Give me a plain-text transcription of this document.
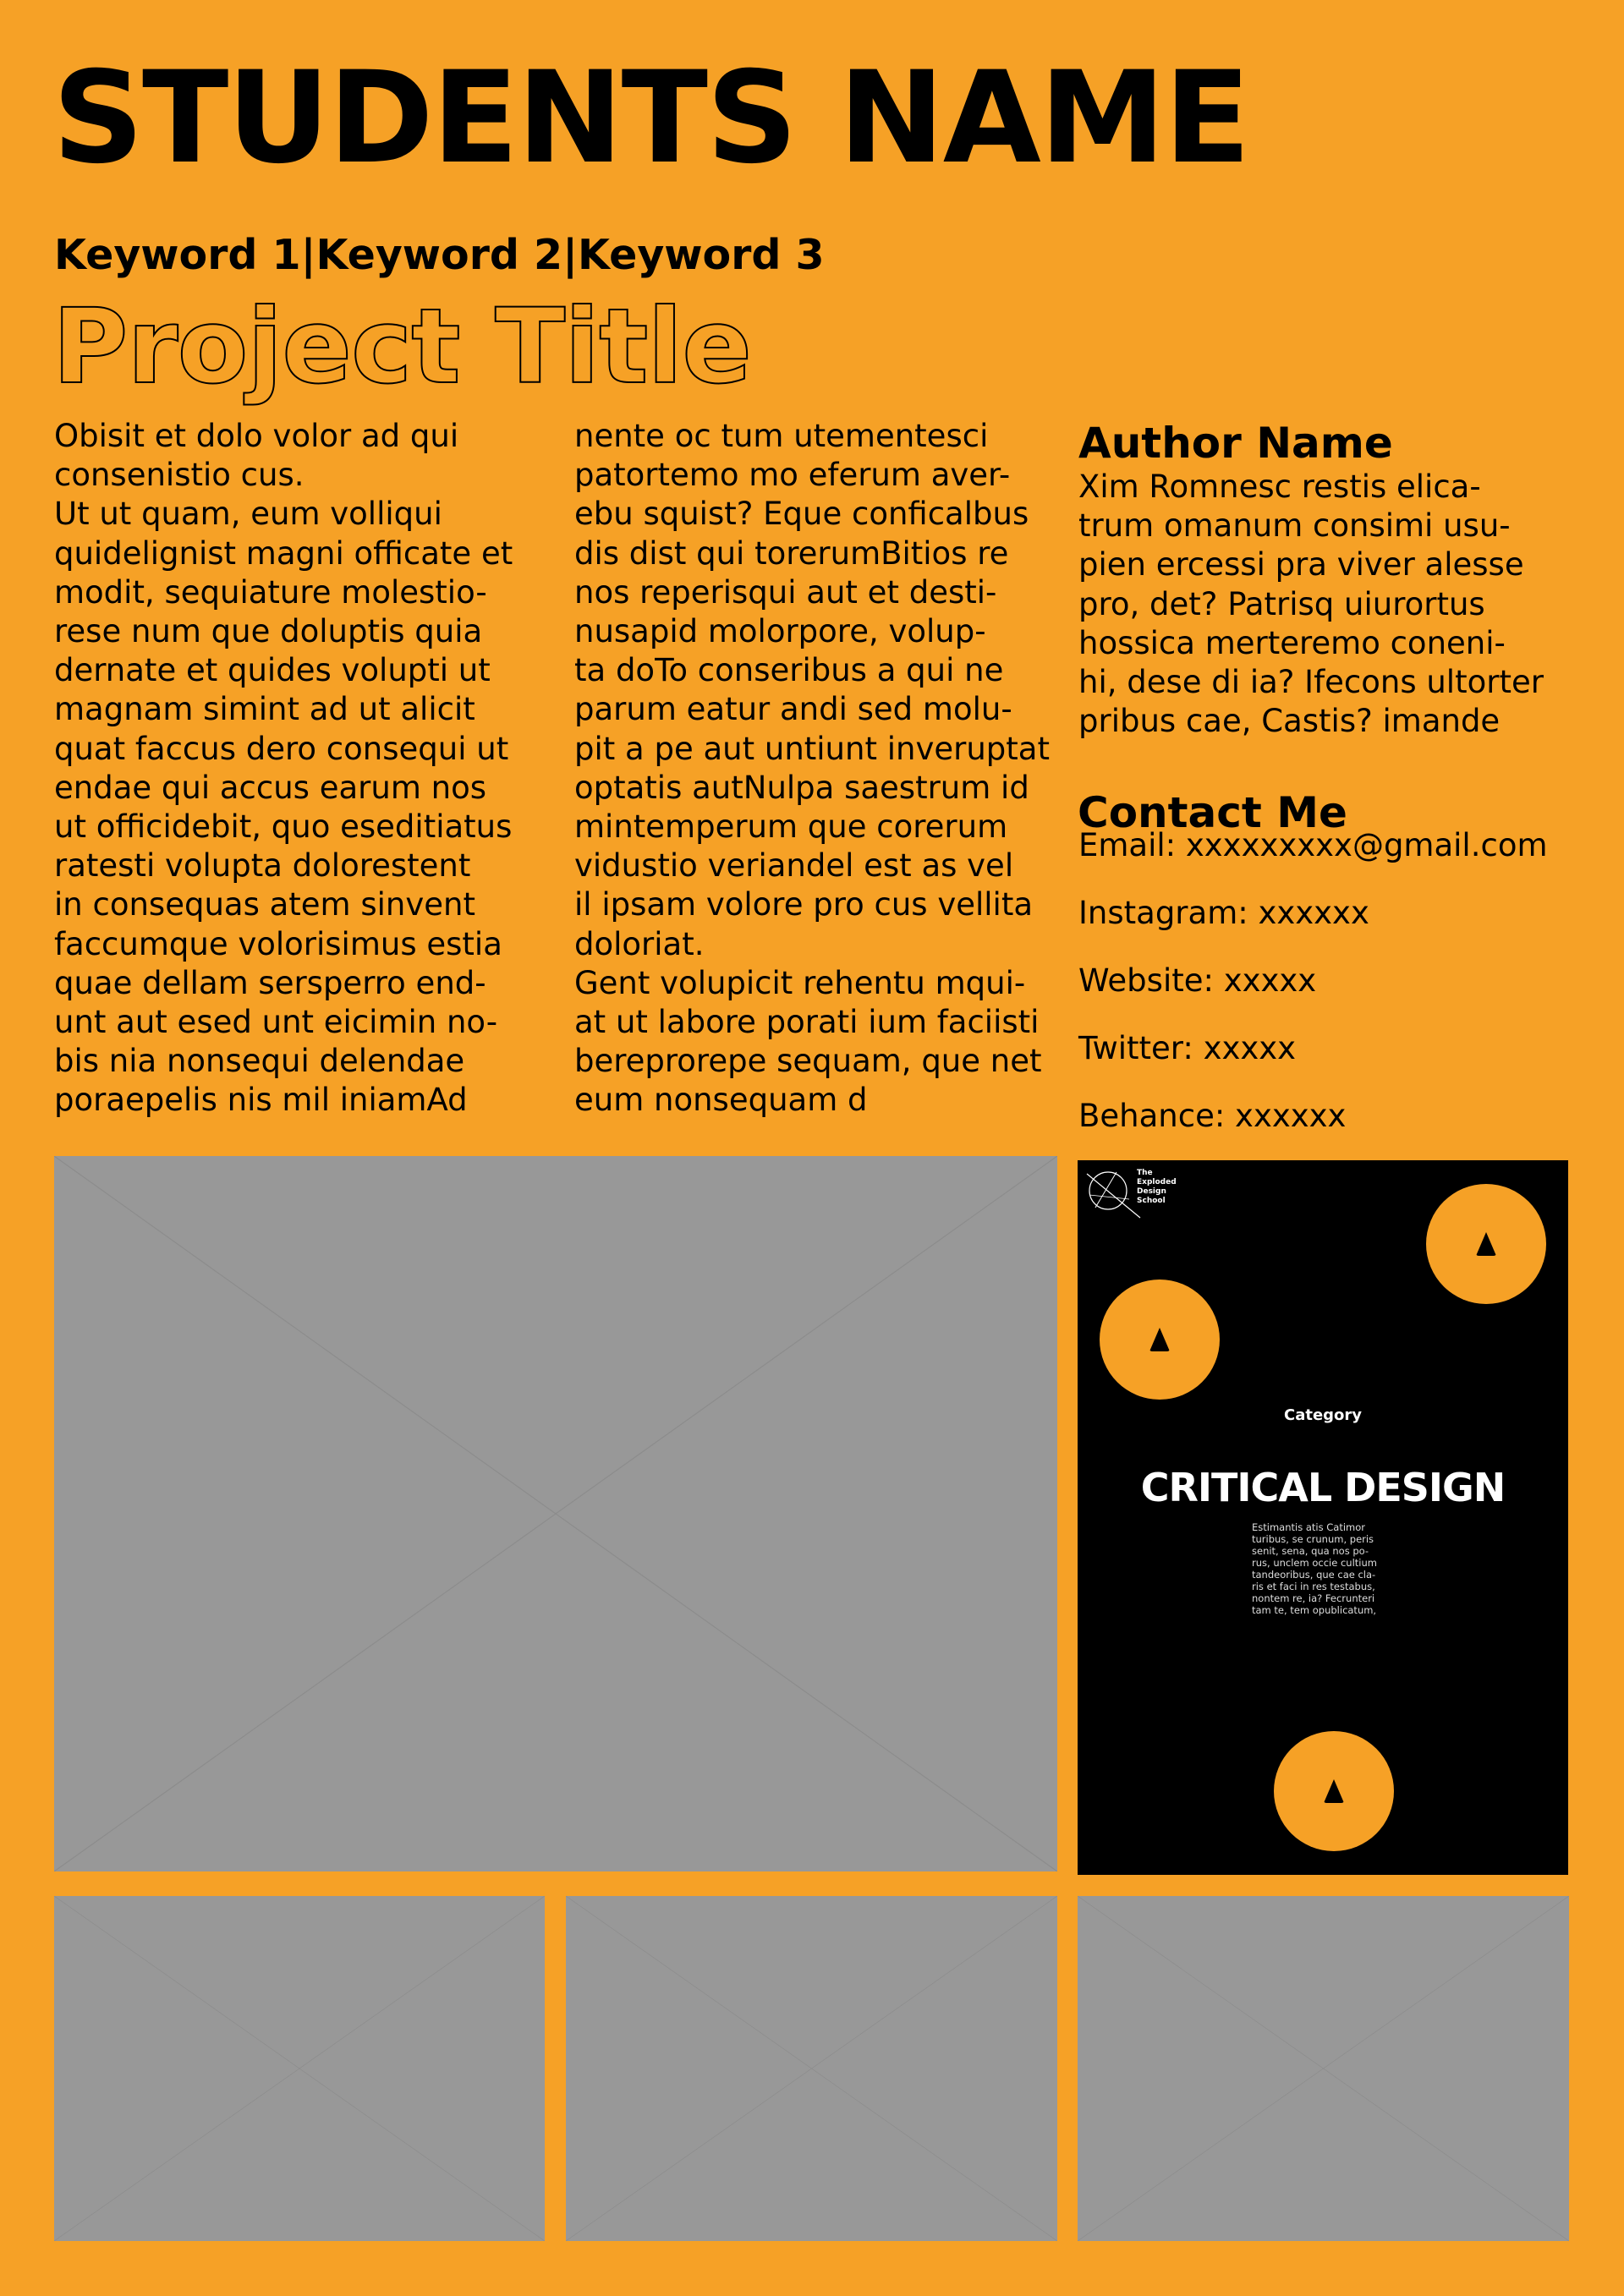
STUDENTS NAME
Keyword 1|Keyword 2|Keyword 3
Project Title
Obisit et dolo volor ad qui
consenistio cus.
Ut ut quam, eum volliqui
quidelignist magni officate et
modit, sequiature molestio-
rese num que doluptis quia
dernate et quides volupti ut
magnam simint ad ut alicit
quat faccus dero consequi ut
endae qui accus earum nos
ut officidebit, quo eseditiatus
ratesti volupta dolorestent
in consequas atem sinvent
faccumque volorisimus estia
quae dellam sersperro end-
unt aut esed unt eicimin no-
bis nia nonsequi delendae
poraepelis nis mil iniamAd
nente oc tum utementesci
patortemo mo eferum aver-
ebu squist? Eque conficalbus
dis dist qui torerumBitios re
nos reperisqui aut et desti-
nusapid molorpore, volup-
ta doTo conseribus a qui ne
parum eatur andi sed molu-
pit a pe aut untiunt inveruptat
optatis autNulpa saestrum id
mintemperum que corerum
vidustio veriandel est as vel
il ipsam volore pro cus vellita
doloriat.
Gent volupicit rehentu mqui-
at ut labore porati ium faciisti
bereprorepe sequam, que net
eum nonsequam d
Author Name
Xim Romnesc restis elica-
trum omanum consimi usu-
pien ercessi pra viver alesse
pro, det? Patrisq uiurortus
hossica merteremo coneni-
hi, dese di ia? Ifecons ultorter
pribus cae, Castis? imande
Contact Me
Email: xxxxxxxxx@gmail.com
Instagram: xxxxxx
Website: xxxxx
Twitter: xxxxx
Behance: xxxxxx
The
Exploded
Design
School
Category
CRITICAL DESIGN
Estimantis atis Catimor
turibus, se crunum, peris
senit, sena, qua nos po-
rus, unclem occie cultium
tandeoribus, que cae cla-
ris et faci in res testabus,
nontem re, ia? Fecrunteri
tam te, tem opublicatum,
